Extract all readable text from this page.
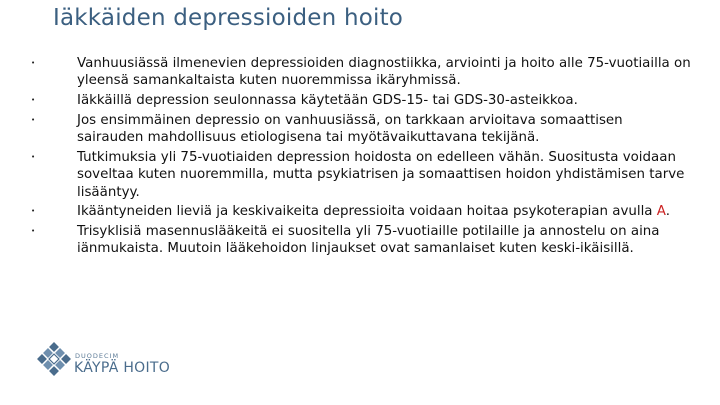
Iäkkäiden depressioiden hoito
•	Vanhuusiässä ilmenevien depressioiden diagnostiikka, arviointi ja hoito alle 75-vuotiailla on yleensä samankaltaista kuten nuoremmissa ikäryhmissä.
•	Iäkkäillä depression seulonnassa käytetään GDS-15- tai GDS-30-asteikkoa.
•	Jos ensimmäinen depressio on vanhuusiässä, on tarkkaan arvioitava somaattisen sairauden mahdollisuus etiologisena tai myötävaikuttavana tekijänä.
•	Tutkimuksia yli 75-vuotiaiden depression hoidosta on edelleen vähän. Suositusta voidaan soveltaa kuten nuoremmilla, mutta psykiatrisen ja somaattisen hoidon yhdistämisen tarve lisääntyy.
•	Ikääntyneiden lieviä ja keskivaikeita depressioita voidaan hoitaa psykoterapian avulla A.
•	Trisyklisiä masennuslääkeitä ei suositella yli 75-vuotiaille potilaille ja annostelu on aina iänmukaista. Muutoin lääkehoidon linjaukset ovat samanlaiset kuten keski-ikäisillä.
DUODECIM
KÄYPÄ HOITO
